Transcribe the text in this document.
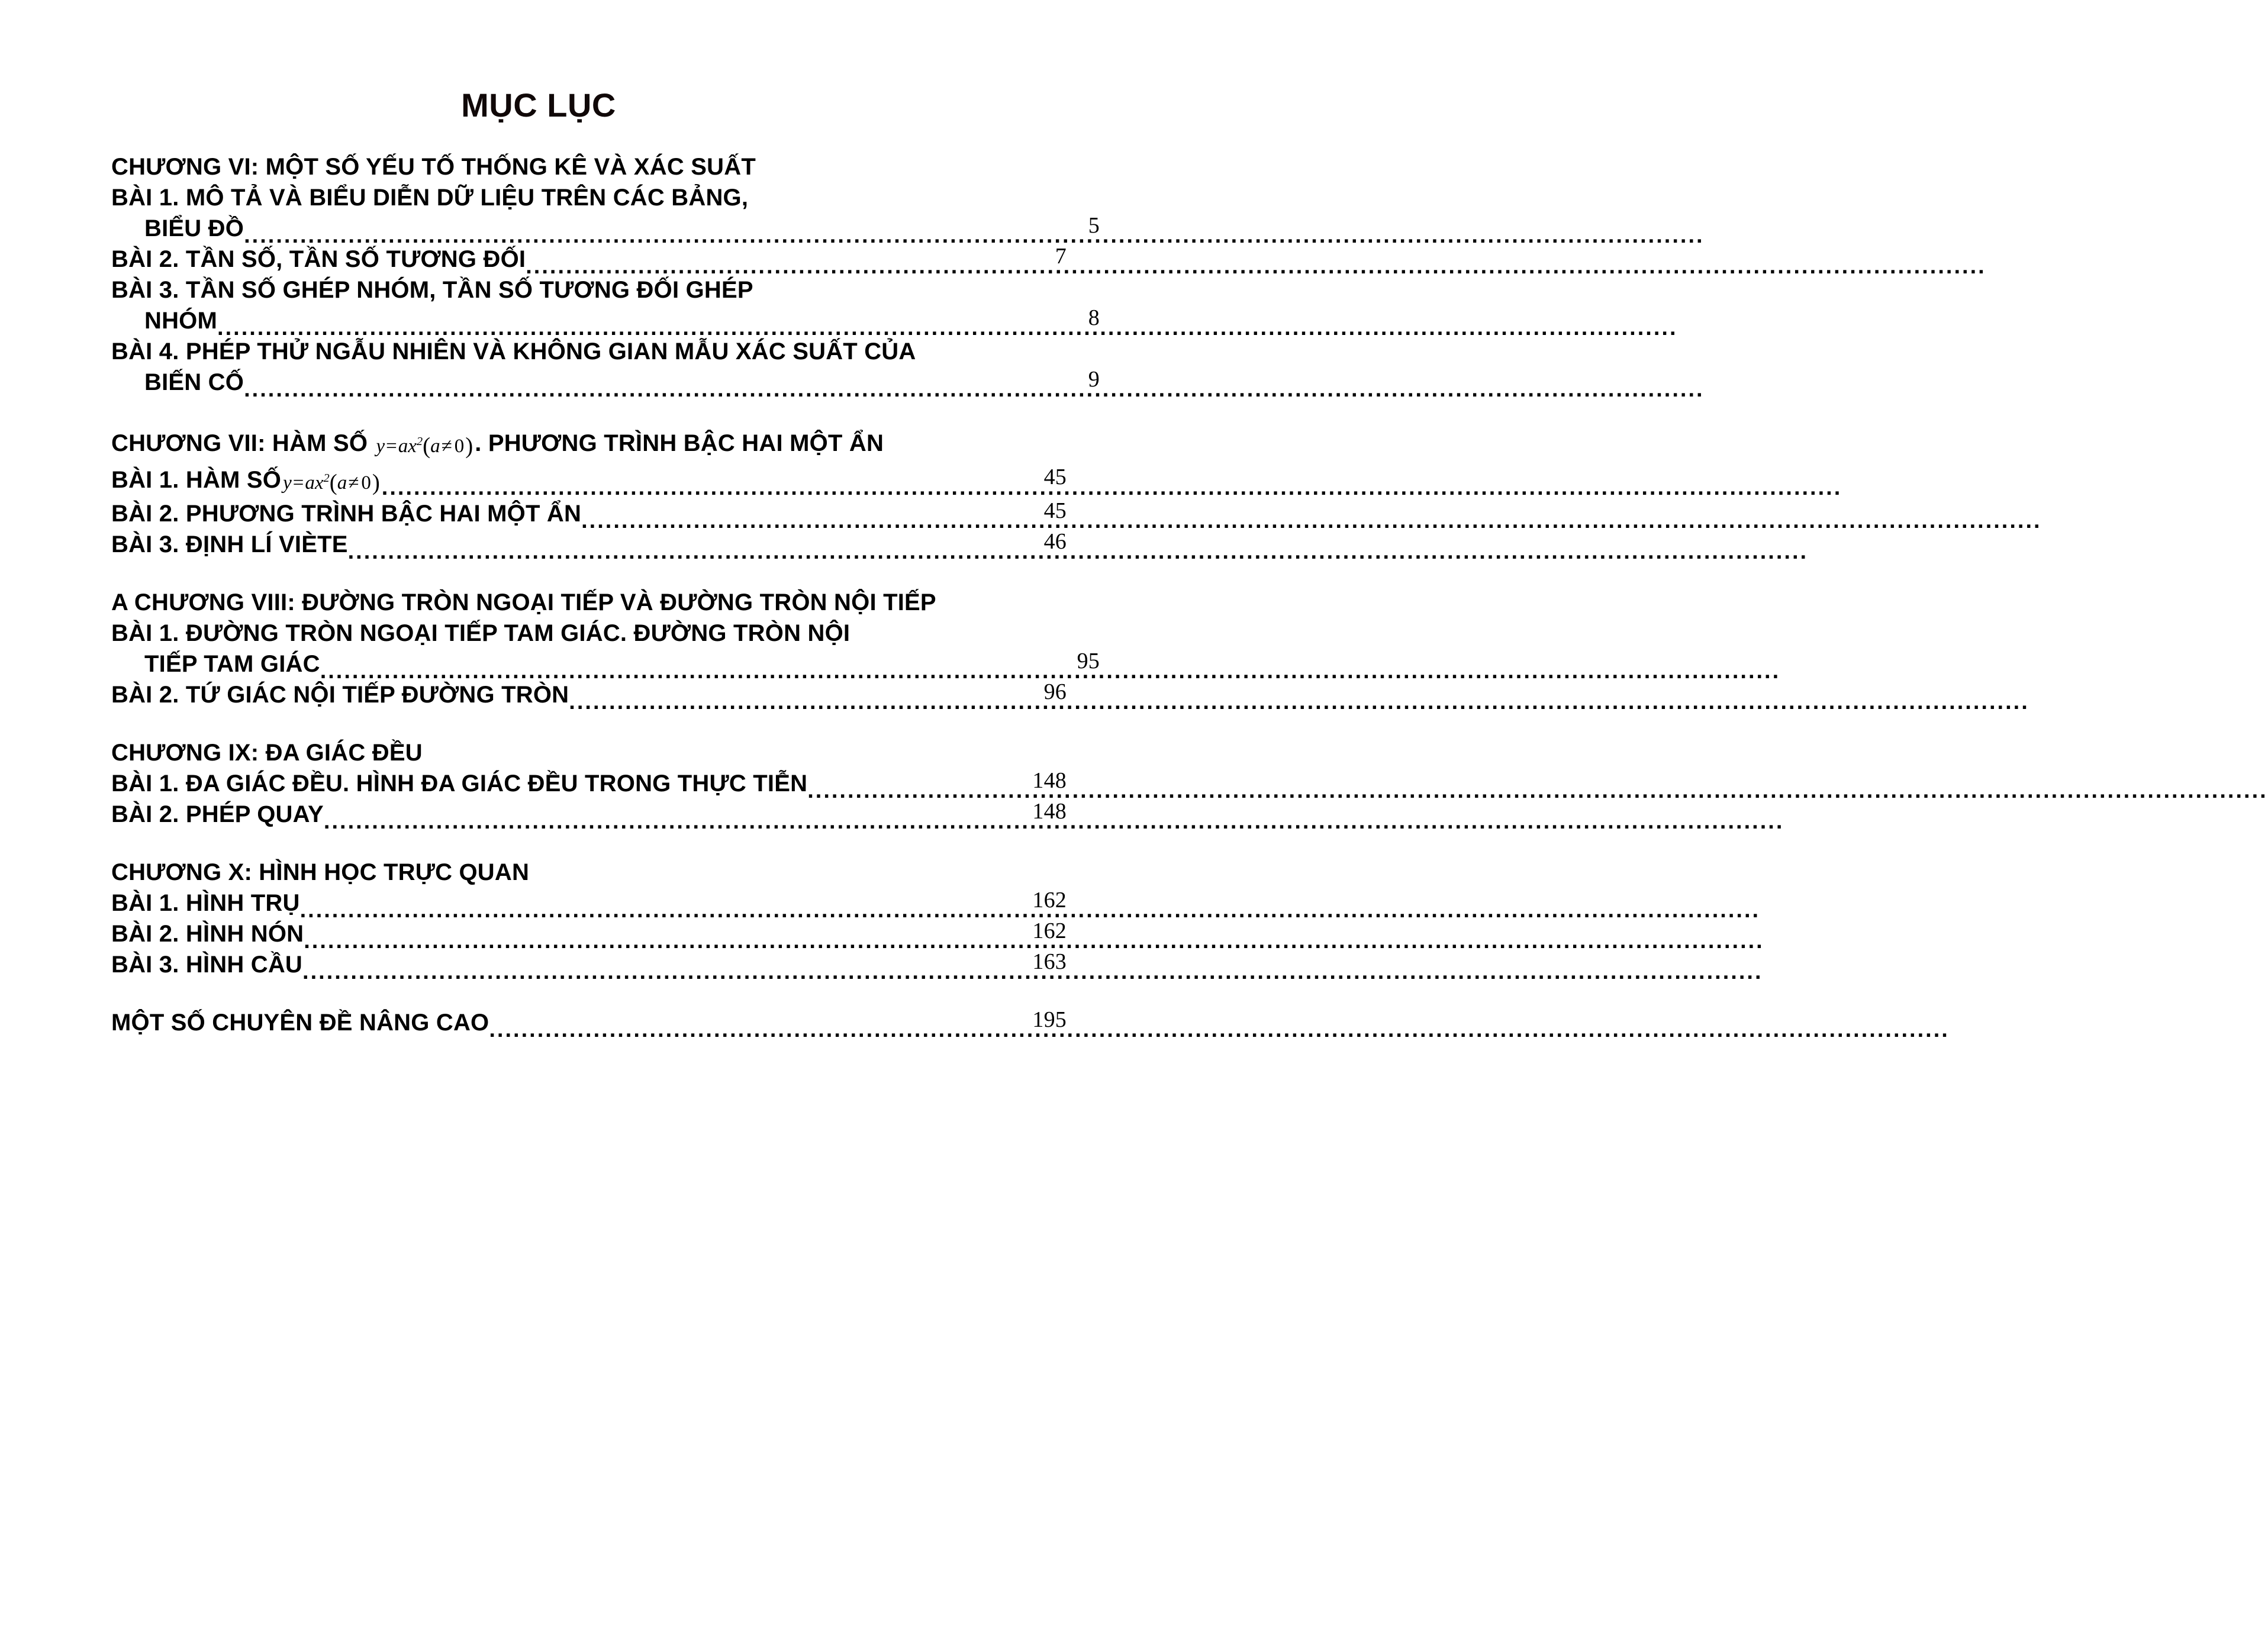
MỤC LỤC
CHƯƠNG VI: MỘT SỐ YẾU TỐ THỐNG KÊ VÀ XÁC SUẤT
BÀI 1. MÔ TẢ VÀ BIỂU DIỄN DỮ LIỆU TRÊN CÁC BẢNG,
BIỂU ĐỒ .....	5
BÀI 2. TẦN SỐ, TẦN SỐ TƯƠNG ĐỐI .....	7
BÀI 3. TẦN SỐ GHÉP NHÓM, TẦN SỐ TƯƠNG ĐỐI GHÉP
NHÓM .....	8
BÀI 4. PHÉP THỬ NGẪU NHIÊN VÀ KHÔNG GIAN MẪU XÁC SUẤT CỦA
BIẾN CỐ .....	9
CHƯƠNG VII: HÀM SỐ $y=ax^2(a\ne 0)$. PHƯƠNG TRÌNH BẬC HAI MỘT ẨN
BÀI 1. HÀM SỐ $y=ax^2(a\ne 0)$ .....	45
BÀI 2. PHƯƠNG TRÌNH BẬC HAI MỘT ẨN .....	45
BÀI 3. ĐỊNH LÍ VIÈTE .....	46
A CHƯƠNG VIII: ĐƯỜNG TRÒN NGOẠI TIẾP VÀ ĐƯỜNG TRÒN NỘI TIẾP
BÀI 1. ĐƯỜNG TRÒN NGOẠI TIẾP TAM GIÁC. ĐƯỜNG TRÒN NỘI
TIẾP TAM GIÁC .....	95
BÀI 2. TỨ GIÁC NỘI TIẾP ĐƯỜNG TRÒN .....	96
CHƯƠNG IX: ĐA GIÁC ĐỀU
BÀI 1. ĐA GIÁC ĐỀU. HÌNH ĐA GIÁC ĐỀU TRONG THỰC TIỄN .....	148
BÀI 2. PHÉP QUAY .....	148
CHƯƠNG X: HÌNH HỌC TRỰC QUAN
BÀI 1. HÌNH TRỤ .....	162
BÀI 2. HÌNH NÓN .....	162
BÀI 3. HÌNH CẦU .....	163
MỘT SỐ CHUYÊN ĐỀ NÂNG CAO .....	195
